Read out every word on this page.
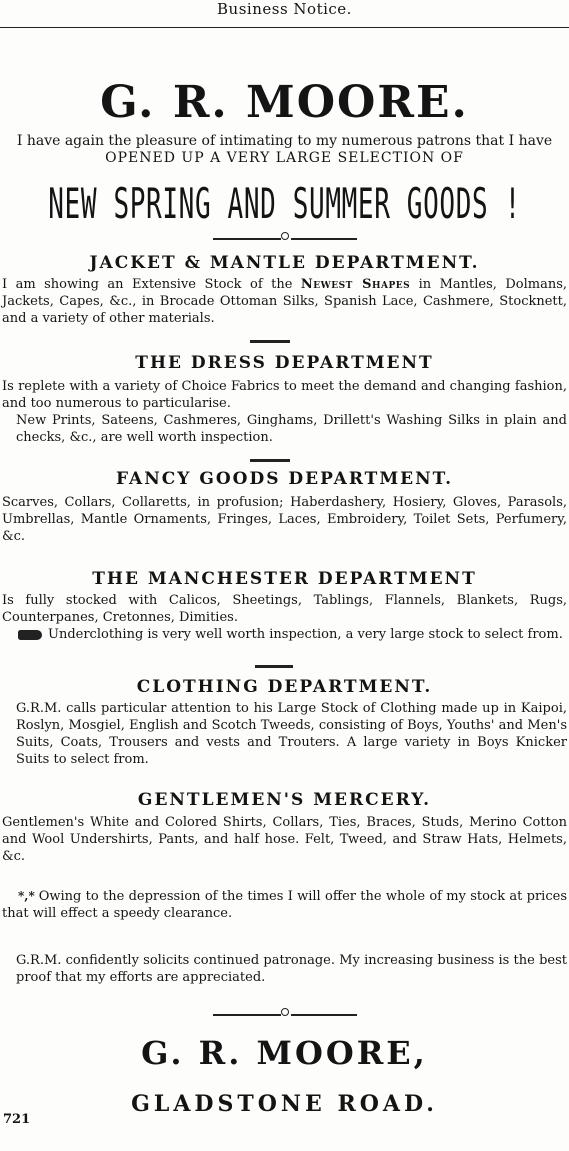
Business Notice.
G. R. MOORE.
I have again the pleasure of intimating to my numerous patrons that I have
OPENED UP A VERY LARGE SELECTION OF
NEW SPRING AND SUMMER GOODS !
JACKET & MANTLE DEPARTMENT.
I am showing an Extensive Stock of the Newest Shapes in Mantles, Dolmans, Jackets, Capes, &c., in Brocade Ottoman Silks, Spanish Lace, Cashmere, Stocknett, and a variety of other materials.
THE DRESS DEPARTMENT
Is replete with a variety of Choice Fabrics to meet the demand and changing fashion, and too numerous to particularise.
New Prints, Sateens, Cashmeres, Ginghams, Drillett's Washing Silks in plain and checks, &c., are well worth inspection.
FANCY GOODS DEPARTMENT.
Scarves, Collars, Collaretts, in profusion; Haberdashery, Hosiery, Gloves, Parasols, Umbrellas, Mantle Ornaments, Fringes, Laces, Embroidery, Toilet Sets, Perfumery, &c.
THE MANCHESTER DEPARTMENT
Is fully stocked with Calicos, Sheetings, Tablings, Flannels, Blankets, Rugs, Counterpanes, Cretonnes, Dimities.
Underclothing is very well worth inspection, a very large stock to select from.
CLOTHING DEPARTMENT.
G.R.M. calls particular attention to his Large Stock of Clothing made up in Kaipoi, Roslyn, Mosgiel, English and Scotch Tweeds, consisting of Boys, Youths' and Men's Suits, Coats, Trousers and vests and Trouters. A large variety in Boys Knicker Suits to select from.
GENTLEMEN'S MERCERY.
Gentlemen's White and Colored Shirts, Collars, Ties, Braces, Studs, Merino Cotton and Wool Undershirts, Pants, and half hose. Felt, Tweed, and Straw Hats, Helmets, &c.
*,* Owing to the depression of the times I will offer the whole of my stock at prices that will effect a speedy clearance.
G.R.M. confidently solicits continued patronage. My increasing business is the best proof that my efforts are appreciated.
G. R. MOORE,
GLADSTONE ROAD.
721
